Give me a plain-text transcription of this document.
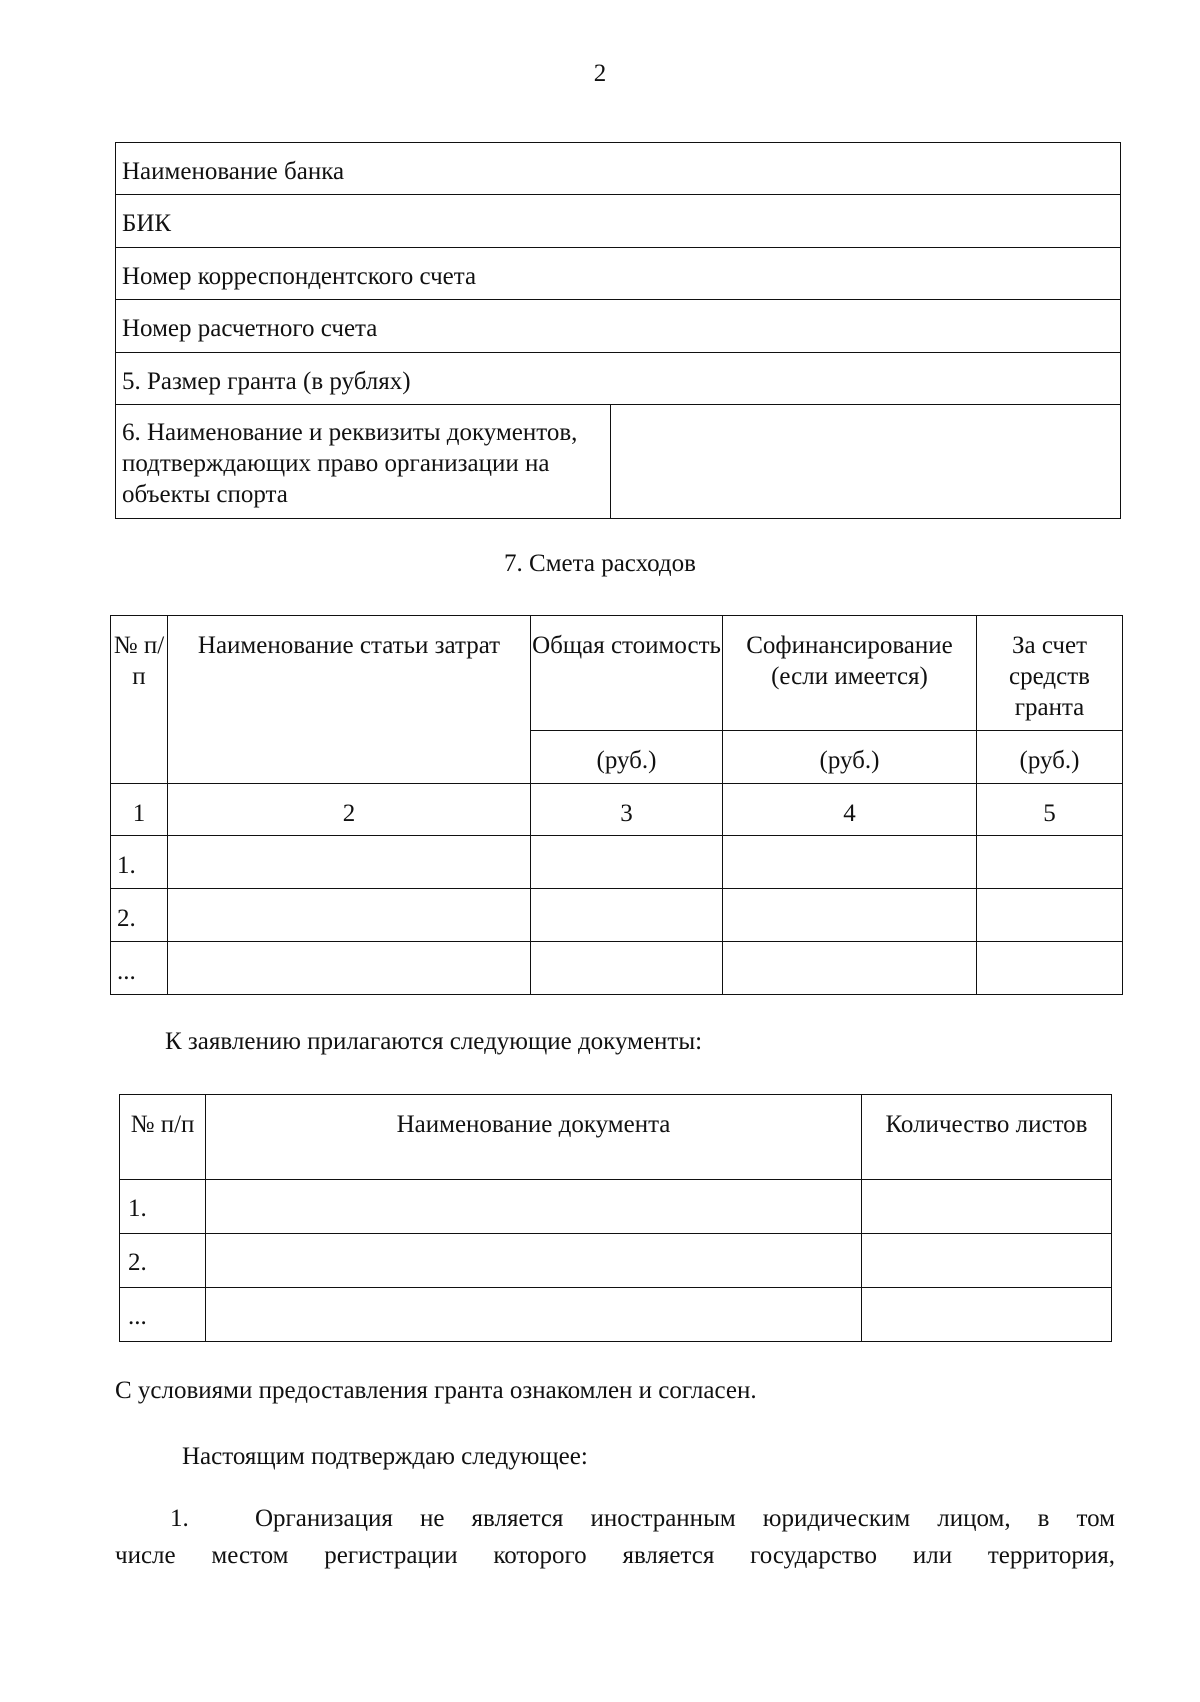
2
Наименование банка
БИК
Номер корреспондентского счета
Номер расчетного счета
5. Размер гранта (в рублях)
6. Наименование и реквизиты документов, подтверждающих право организации на объекты спорта	
7. Смета расходов
№ п/п	Наименование статьи затрат	Общая стоимость	Софинансирование (если имеется)	За счет средств гранта
		(руб.)	(руб.)	(руб.)
1	2	3	4	5
1.				
2.				
...				
К заявлению прилагаются следующие документы:
№ п/п	Наименование документа	Количество листов
1.		
2.		
...		
С условиями предоставления гранта ознакомлен и согласен.
Настоящим подтверждаю следующее:
1.	Организация не является иностранным юридическим лицом, в том
числе местом регистрации которого является государство или территория,
